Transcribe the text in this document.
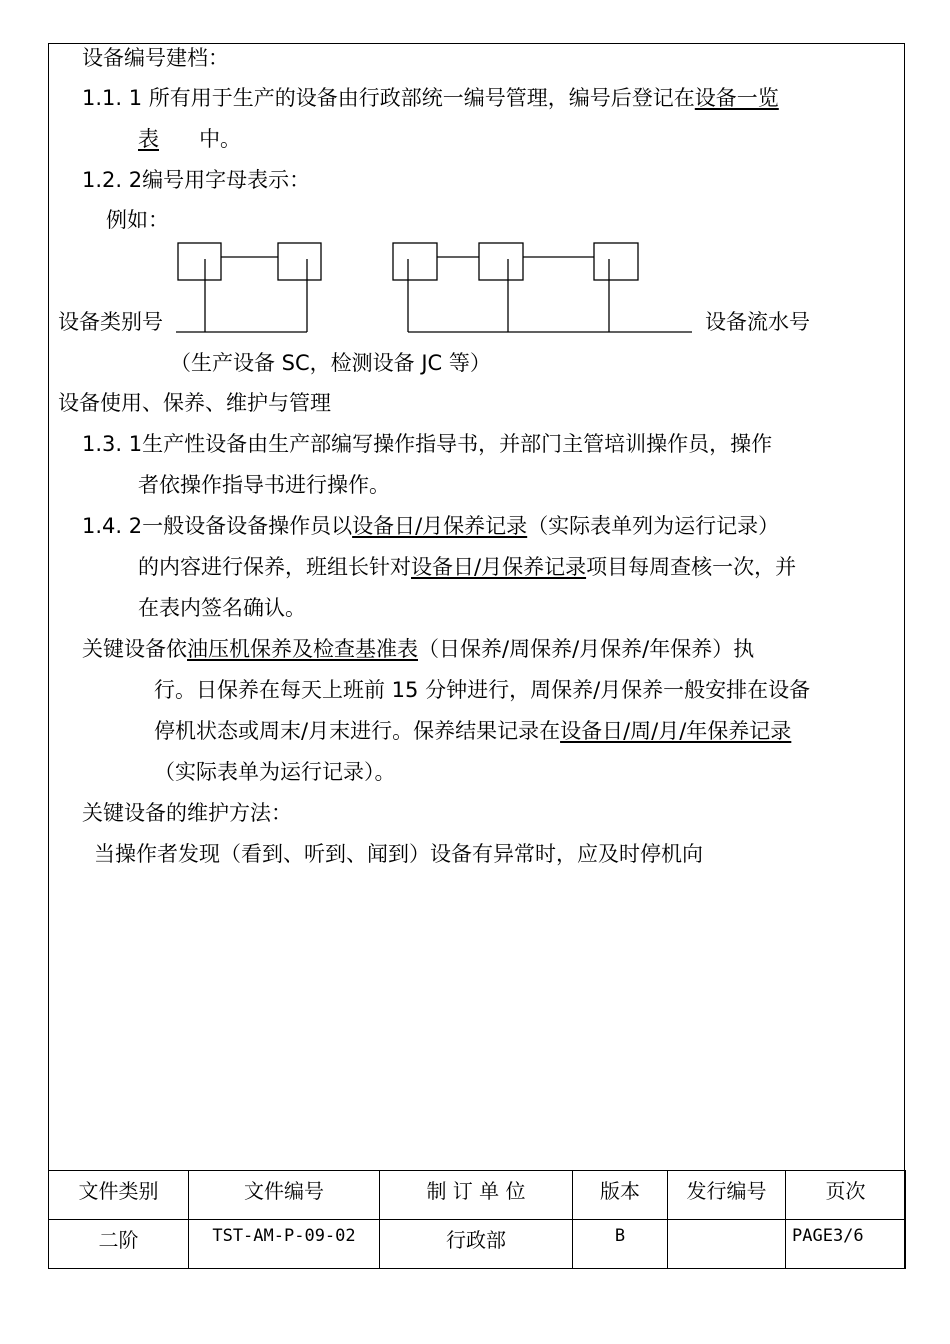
设备编号建档：
1.1. 1 所有用于生产的设备由行政部统一编号管理，编号后登记在设备一览
表 中。
1.2. 2编号用字母表示：
例如：
设备类别号	设备流水号
（生产设备 SC，检测设备 JC 等）
设备使用、保养、维护与管理
1.3. 1生产性设备由生产部编写操作指导书，并部门主管培训操作员，操作
者依操作指导书进行操作。
1.4. 2一般设备设备操作员以设备日/月保养记录（实际表单列为运行记录）
的内容进行保养，班组长针对设备日/月保养记录项目每周查核一次，并
在表内签名确认。
关键设备依油压机保养及检查基准表（日保养/周保养/月保养/年保养）执
行。日保养在每天上班前 15 分钟进行，周保养/月保养一般安排在设备
停机状态或周末/月末进行。保养结果记录在设备日/周/月/年保养记录
（实际表单为运行记录）。
关键设备的维护方法：
当操作者发现（看到、听到、闻到）设备有异常时，应及时停机向
文件类别	文件编号	制 订 单 位	版本	发行编号	页次
二阶	TST-AM-P-09-02	行政部	B		PAGE3/6
